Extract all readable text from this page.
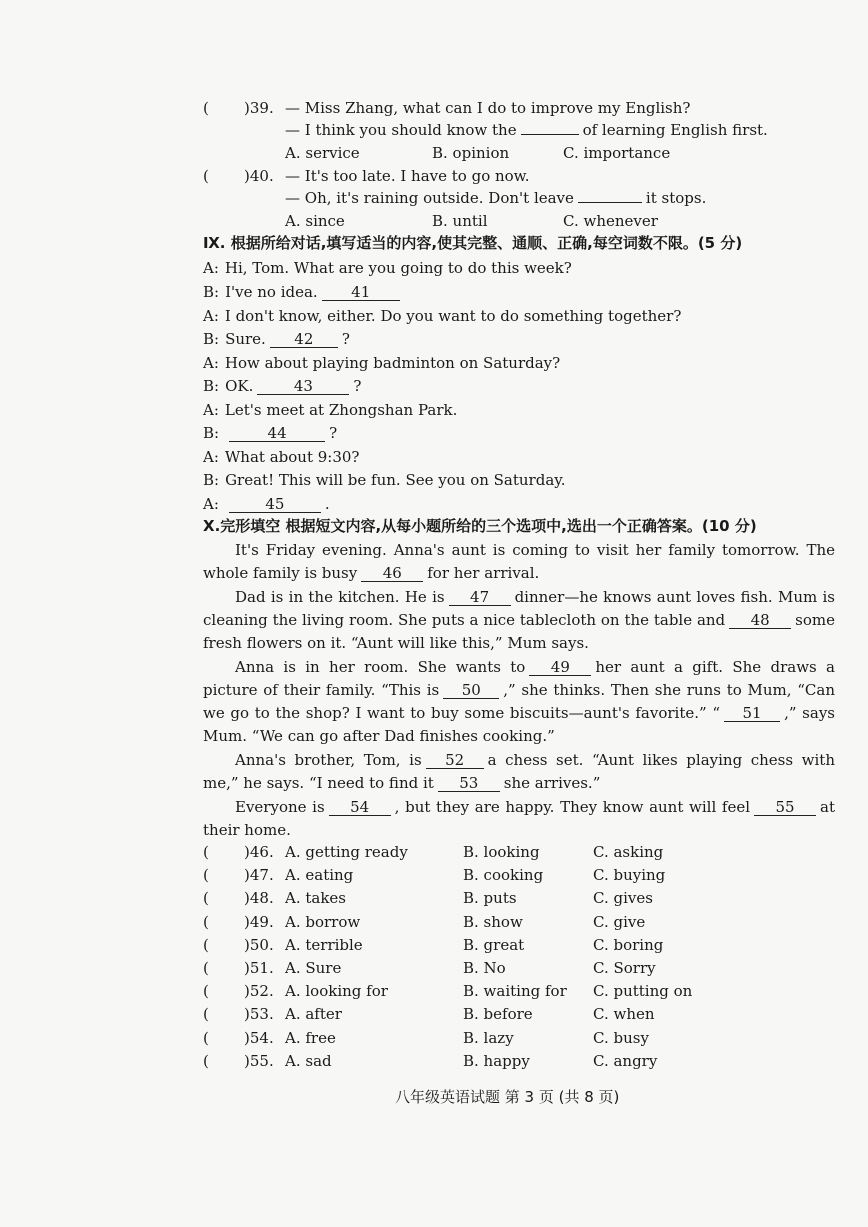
( )39. — Miss Zhang, what can I do to improve my English?
— I think you should know the	of learning English first.
A. service	B. opinion	C. importance
( )40. — It's too late. I have to go now.
— Oh, it's raining outside. Don't leave	it stops.
A. since	B. until	C. whenever
Ⅸ. 根据所给对话,填写适当的内容,使其完整、通顺、正确,每空词数不限。(5 分)
A: Hi, Tom. What are you going to do this week?
B: I've no idea. 41
A: I don't know, either. Do you want to do something together?
B: Sure. 42 ?
A: How about playing badminton on Saturday?
B: OK.	43	?
A: Let's meet at Zhongshan Park.
B:	44	?
A: What about 9:30?
B: Great! This will be fun. See you on Saturday.
A:	45	.
Ⅹ.完形填空 根据短文内容,从每小题所给的三个选项中,选出一个正确答案。(10 分)
It's Friday evening. Anna's aunt is coming to visit her family tomorrow. The whole family is busy 46 for her arrival.
Dad is in the kitchen. He is 47 dinner—he knows aunt loves fish. Mum is cleaning the living room. She puts a nice tablecloth on the table and 48 some fresh flowers on it. “Aunt will like this,” Mum says.
Anna is in her room. She wants to 49 her aunt a gift. She draws a picture of their family. “This is 50 ,” she thinks. Then she runs to Mum, “Can we go to the shop? I want to buy some biscuits—aunt's favorite.” “ 51 ,” says Mum. “We can go after Dad finishes cooking.”
Anna's brother, Tom, is 52 a chess set. “Aunt likes playing chess with me,” he says. “I need to find it 53 she arrives.”
Everyone is 54 , but they are happy. They know aunt will feel 55 at their home.
( )46. A. getting ready	B. looking	C. asking
( )47. A. eating	B. cooking	C. buying
( )48. A. takes	B. puts	C. gives
( )49. A. borrow	B. show	C. give
( )50. A. terrible	B. great	C. boring
( )51. A. Sure	B. No	C. Sorry
( )52. A. looking for	B. waiting for C. putting on
( )53. A. after	B. before	C. when
( )54. A. free	B. lazy	C. busy
( )55. A. sad	B. happy	C. angry
八年级英语试题 第 3 页 (共 8 页)
